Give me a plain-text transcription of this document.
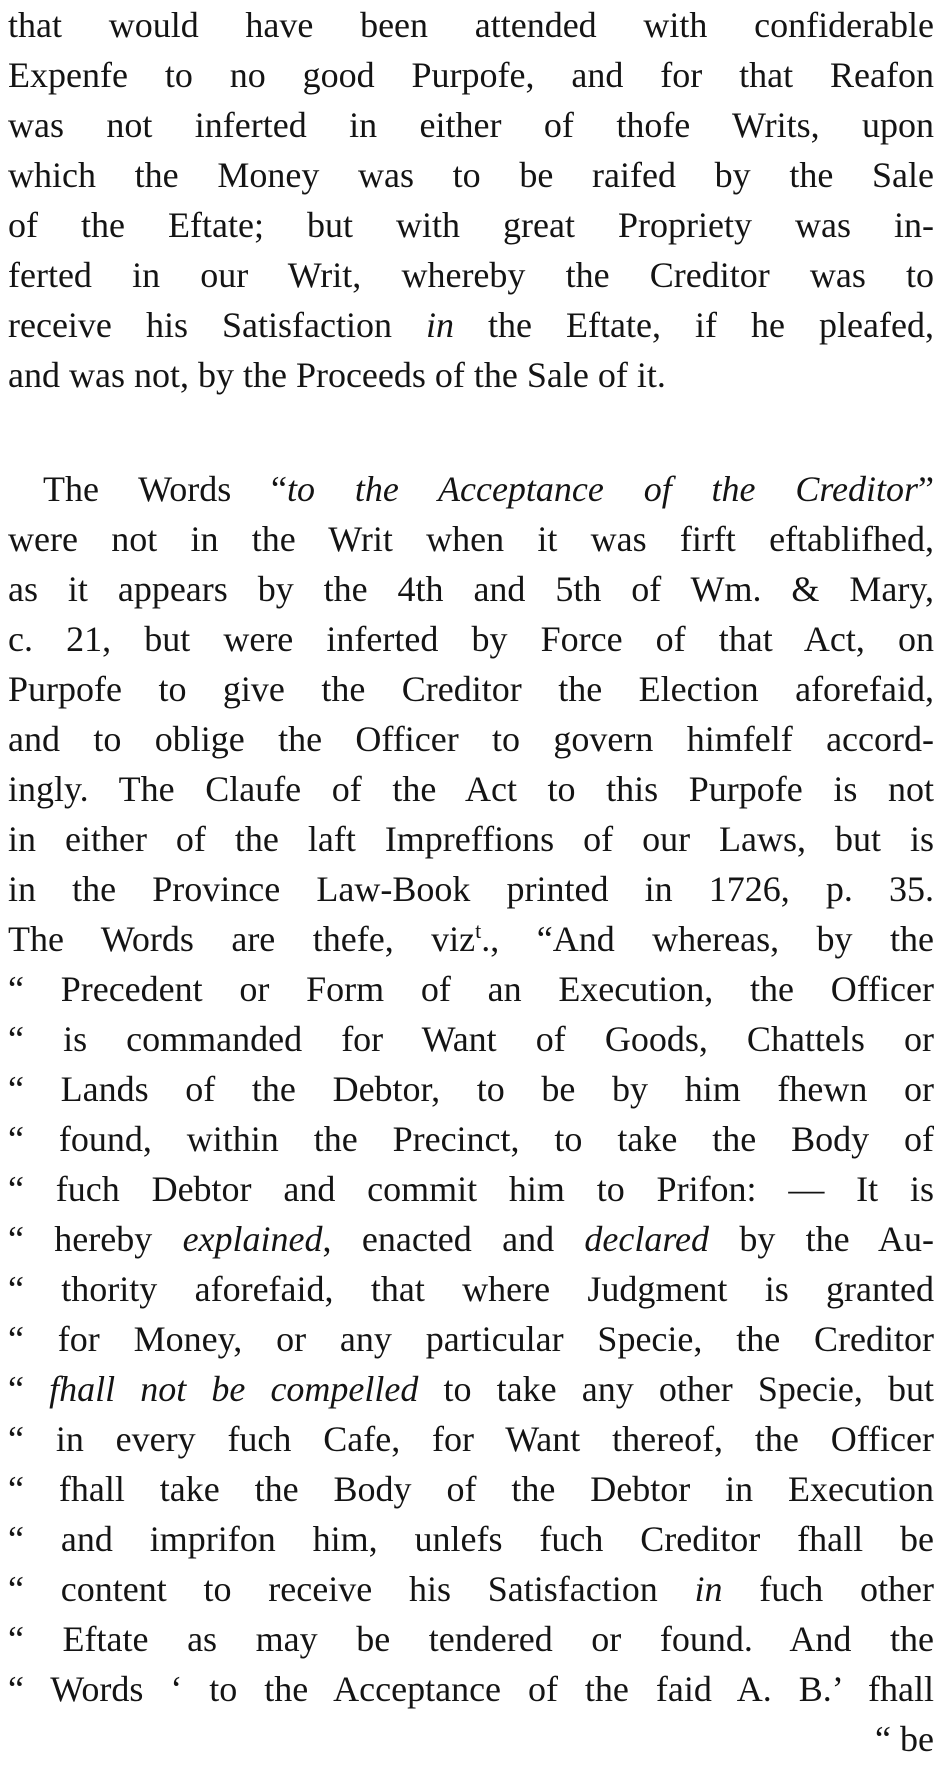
that would have been attended with confiderable
Expenfe to no good Purpofe, and for that Reafon
was not inferted in either of thofe Writs, upon
which the Money was to be raifed by the Sale
of the Eftate; but with great Propriety was in-
ferted in our Writ, whereby the Creditor was to
receive his Satisfaction in the Eftate, if he pleafed,
and was not, by the Proceeds of the Sale of it.
The Words “to the Acceptance of the Creditor”
were not in the Writ when it was firft eftablifhed,
as it appears by the 4th and 5th of Wm. & Mary,
c. 21, but were inferted by Force of that Act, on
Purpofe to give the Creditor the Election aforefaid,
and to oblige the Officer to govern himfelf accord-
ingly. The Claufe of the Act to this Purpofe is not
in either of the laft Impreffions of our Laws, but is
in the Province Law-Book printed in 1726, p. 35.
The Words are thefe, viz$^t$., “And whereas, by the
“ Precedent or Form of an Execution, the Officer
“ is commanded for Want of Goods, Chattels or
“ Lands of the Debtor, to be by him fhewn or
“ found, within the Precinct, to take the Body of
“ fuch Debtor and commit him to Prifon: — It is
“ hereby explained, enacted and declared by the Au-
“ thority aforefaid, that where Judgment is granted
“ for Money, or any particular Specie, the Creditor
“ fhall not be compelled to take any other Specie, but
“ in every fuch Cafe, for Want thereof, the Officer
“ fhall take the Body of the Debtor in Execution
“ and imprifon him, unlefs fuch Creditor fhall be
“ content to receive his Satisfaction in fuch other
“ Eftate as may be tendered or found. And the
“ Words ‘ to the Acceptance of the faid A. B.’ fhall
“ be
